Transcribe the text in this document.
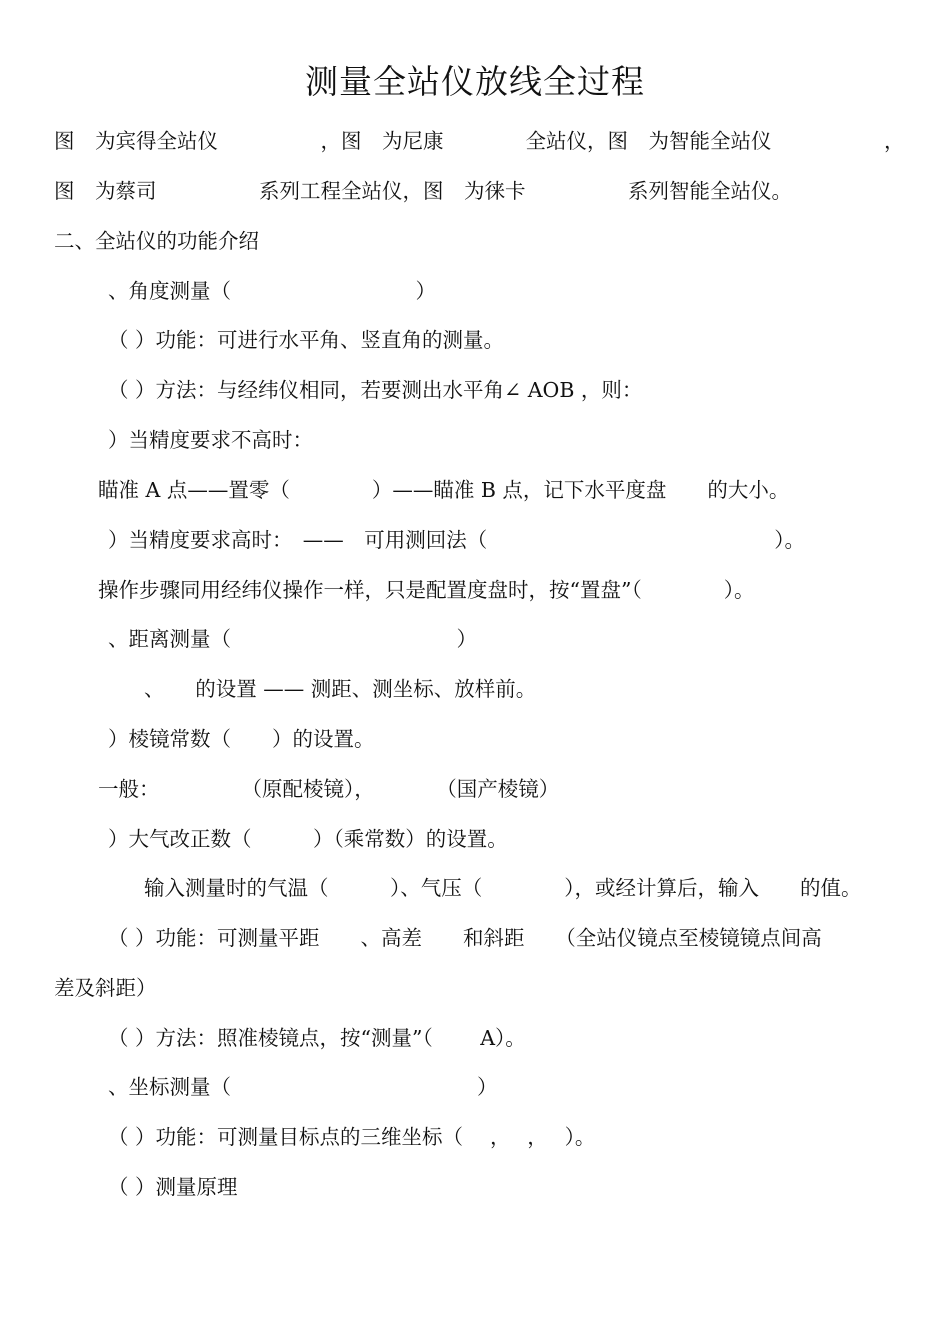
测量全站仪放线全过程
图　为宾得全站仪　　　　　，图　为尼康　　　　全站仪，图　为智能全站仪	，
图　为蔡司　　　　　系列工程全站仪，图　为徕卡　　　　　系列智能全站仪。
二、全站仪的功能介绍
、角度测量（　　　　　　　　　）
（ ）功能：可进行水平角、竖直角的测量。
（ ）方法：与经纬仪相同，若要测出水平角∠ AOB ，则：
）当精度要求不高时：
瞄准 A 点——置零（　　　　）——瞄准 B 点，记下水平度盘　　的大小。
）当精度要求高时：　——　可用测回法（　　　　　　　　　　　　　　）。
操作步骤同用经纬仪操作一样，只是配置度盘时，按“置盘”（　　　　）。
、距离测量（　　　　　　　　　　　）
、　　的设置 —— 测距、测坐标、放样前。
）棱镜常数（　　）的设置。
一般：　　　　　（原配棱镜），　　　　（国产棱镜）
）大气改正数（　　　）（乘常数）的设置。
输入测量时的气温（　　　）、气压（　　　　），或经计算后，输入　　的值。
（ ）功能：可测量平距　　、高差　　和斜距　　（全站仪镜点至棱镜镜点间高
差及斜距）
（ ）方法：照准棱镜点，按“测量”（　　 A）。
、坐标测量（　　　　　　　　　　　　）
（ ）功能：可测量目标点的三维坐标（　 ，　 ，　 ）。
（ ）测量原理
